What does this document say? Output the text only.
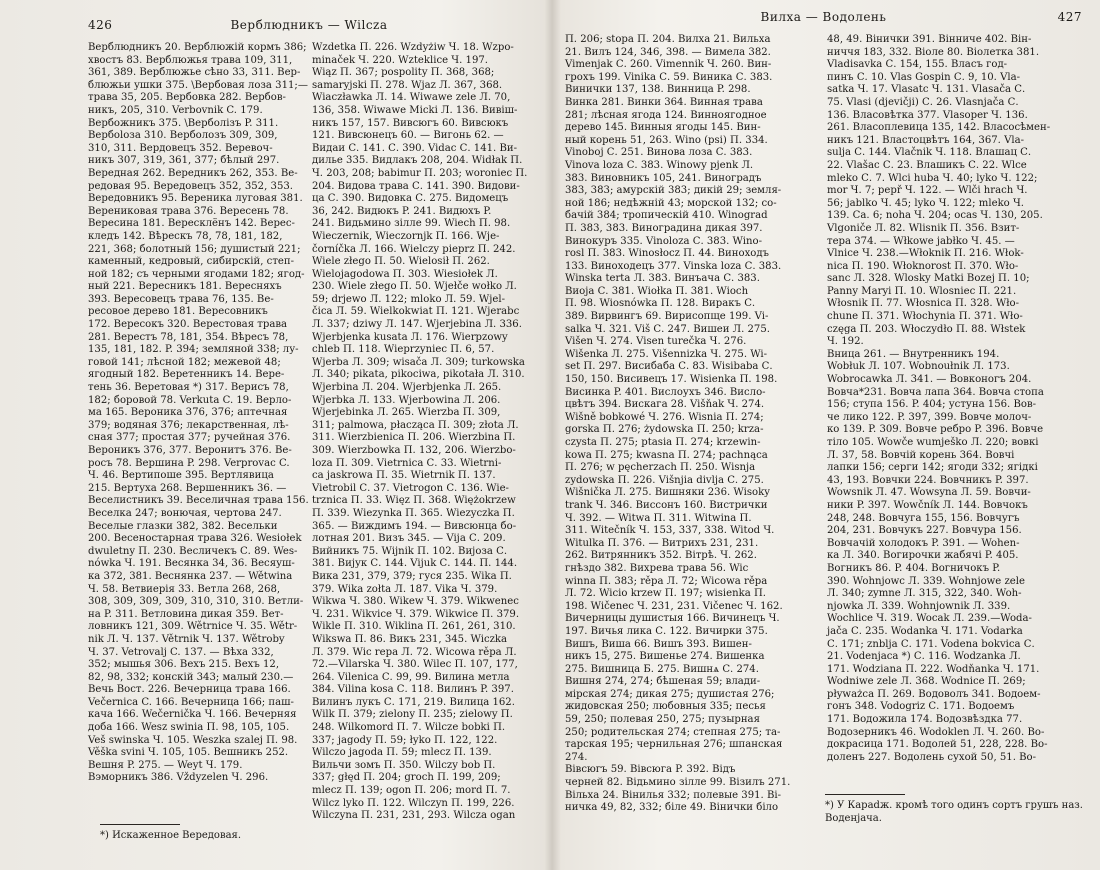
426	Верблюдникъ — Wilcza
Верблюдникъ 20. Верблюжій кормъ 386;
хвостъ 83. Верблюжья трава 109, 311,
361, 389. Верблюжье сѣно 33, 311. Вер-
блюжьи ушки 375. \Вербовая лоза 311;—
трава 35, 205. Вербовка 282. Вербов-
никъ, 205, 310. Verbovnik C. 179.
Вербожникъ 375. \Верболізъ P. 311.
Вербolоза 310. Верболозъ 309, 309,
310, 311. Вердовецъ 352. Веревоч-
никъ 307, 319, 361, 377; бѣлый 297.
Вередная 262. Вередникъ 262, 353. Ве-
редовая 95. Вередовецъ 352, 352, 353.
Вередовникъ 95. Вереника луговая 381.
Верениковая трава 376. Вересень 78.
Вересина 181. Вересклёнъ 142. Верес-
кледъ 142. Вѣрескъ 78, 78, 181, 182,
221, 368; болотный 156; душистый 221;
каменный, кедровый, сибирскій, степ-
ной 182; съ черными ягодами 182; ягод-
ный 221. Вересникъ 181. Вересняхъ
393. Вересовецъ трава 76, 135. Ве-
ресовое дерево 181. Вересовникъ
172. Вересокъ 320. Верестовая трава
281. Верестъ 78, 181, 354. Вѣресъ 78,
135, 181, 182. P. 394; земляной 338; лу-
говой 141; лѣсной 182; межевой 48;
ягодный 182. Веретенникъ 14. Вере-
тень 36. Веретовая *) 317. Верисъ 78,
182; боровой 78. Verkuta C. 19. Верло-
ма 165. Вероника 376, 376; аптечная
379; водяная 376; лекарственная, лѣ-
сная 377; простая 377; ручейная 376.
Вероникъ 376, 377. Веронитъ 376. Ве-
росъ 78. Вершина P. 298. Verprovac C.
Ч. 46. Вертипоше 395. Вертлявица
215. Вертуха 268. Вершенникъ 36. —
Веселистникъ 39. Веселичная трава 156.
Веселка 247; вонючая, чертова 247.
Веселые глазки 382, 382. Весельки
200. Весеностарная трава 326. Wesiołek
dwuletny П. 230. Весличекъ С. 89. Wes-
nówka Ч. 191. Весянка 34, 36. Весяуш-
ка 372, 381. Веснянка 237. — Wětwina
Ч. 58. Ветвиерія 33. Ветла 268, 268,
308, 309, 309, 309, 310, 310, 310. Ветли-
на P. 311. Ветловина дикая 359. Вет-
ловникъ 121, 309. Wětrnice Ч. 35. Wětr-
nik Л. Ч. 137. Větrnik Ч. 137. Wětroby
Ч. 37. Vetrovalj C. 137. — Вѣха 332,
352; мышья 306. Вехъ 215. Вехъ 12,
82, 98, 332; конскій 343; малый 230.—
Вечь Вост. 226. Вечерница трава 166.
Večernica C. 166. Вечерница 166; паш-
кача 166. Wečernička Ч. 166. Вечерняя
доба 166. Wesz swinia П. 98, 105, 105.
Veš swinska Ч. 105. Weszka szalej П. 98.
Věška svini Ч. 105, 105. Вешникъ 252.
Вешня P. 275. — Weyt Ч. 179.
Вэморникъ 386. Vždyzelen Ч. 296.
Wzdetka П. 226. Wzdyżiw Ч. 18. Wzpo-
minaček Ч. 220. Wzteklice Ч. 197.
Wiąz П. 367; pospolity П. 368, 368;
samaryjski П. 278. Wjaz Л. 367, 368.
Wiaczławka Л. 14. Wiwawe zele Л. 70,
136, 358. Wiwawe Micki Л. 136. Вивіш-
никъ 157, 157. Вивсюгъ 60. Вивсюкъ
121. Вивсюнецъ 60. — Вигонь 62. —
Видаи С. 141. С. 390. Vidac С. 141. Ви-
дилье 335. Видлакъ 208, 204. Widłak П.
Ч. 203, 208; babimur П. 203; woroniec П.
204. Видова трава С. 141. 390. Видови-
ца С. 390. Видовка С. 275. Видомецъ
36, 242. Видюкъ P. 241. Видюхъ P.
241. Видьмино зілле 99. Wiech П. 98.
Wieczernik, Wieczornjk П. 166. Wje-
čorníčka Л. 166. Wielczy pieprz П. 242.
Wiele złego П. 50. Wielosił П. 262.
Wielojagodowa П. 303. Wiesiołek Л.
230. Wiele złego П. 50. Wjełče wołko Л.
59; drjewo Л. 122; mloko Л. 59. Wjel-
čica Л. 59. Wielkokwiat П. 121. Wjerabc
Л. 337; dziwy Л. 147. Wjerjebina Л. 336.
Wjerbjenka kusata Л. 176. Wierpzowy
chleb П. 118. Wieprzyniec П. 6, 57.
Wjerba Л. 309; wisača Л. 309; turkowska
Л. 340; pikata, pikociwa, pikotała Л. 310.
Wjerbina Л. 204. Wjerbjenka Л. 265.
Wjerbka Л. 133. Wjerbowina Л. 206.
Wjerjebinka Л. 265. Wierzba П. 309,
311; palmowa, płacząca П. 309; złota Л.
311. Wierzbienica П. 206. Wierzbina П.
309. Wierzbowka П. 132, 206. Wierzbo-
loza П. 309. Vietrnica С. 33. Wietrni-
ca jaskrowa П. 35. Wietrnik П. 137.
Vietrobil С. 37. Vietrogon С. 136. Wie-
trznica П. 33. Więz П. 368. Więżokrzew
П. 339. Wiezynka П. 365. Wiezyczka П.
365. — Виждимъ 194. — Вивсюнца бо-
лотная 201. Визъ 345. — Vija С. 209.
Вийникъ 75. Wijnik П. 102. Вијоза С.
381. Вијук С. 144. Vijuk С. 144. П. 144.
Вика 231, 379, 379; гуся 235. Wika П.
379. Wika zołta Л. 187. Vika Ч. 379.
Wikwa Ч. 380. Wikew Ч. 379. Wikwenec
Ч. 231. Wikvice Ч. 379. Wikwice П. 379.
Wikle П. 310. Wiklina П. 261, 261, 310.
Wikswa П. 86. Викъ 231, 345. Wiczka
Л. 379. Wic repa Л. 72. Wicowa rěpa Л.
72.—Vilarska Ч. 380. Wilec П. 107, 177,
264. Vilenica С. 99, 99. Вилина метла
384. Vilina kosa С. 118. Вилинъ P. 397.
Вилинъ лукъ С. 171, 219. Вилица 162.
Wilk П. 379; zielony П. 235; zielowy П.
248. Wilkomord П. 7. Wilcze bobki П.
337; jagody П. 59; łyko П. 122, 122.
Wilczo jagoda П. 59; mlecz П. 139.
Вильчи зомъ П. 350. Wilczy bob П.
337; głęd П. 204; groch П. 199, 209;
mlecz П. 139; ogon П. 206; mord П. 7.
Wilcz lyko П. 122. Wilczyn П. 199, 226.
Wilczyna П. 231, 231, 293. Wilcza ogan
*) Искаженное Вередовая.
Вилха — Водолень	427
П. 206; stopa П. 204. Вилха 21. Вильха
21. Вилъ 124, 346, 398. — Вимела 382.
Vimenjak С. 260. Vimennik Ч. 260. Вин-
грохъ 199. Vinika С. 59. Виника С. 383.
Винички 137, 138. Винница P. 298.
Винка 281. Винки 364. Винная трава
281; лѣсная ягода 124. Винноягодное
дерево 145. Винныя ягоды 145. Вин-
ный корень 51, 263. Wino (psi) П. 334.
Vinoboj С. 251. Винова лоза С. 383.
Vinova loza С. 383. Winowy pjenk Л.
383. Виновникъ 105, 241. Виноградъ
383, 383; амурскій 383; дикій 29; земля-
ной 186; недѣжній 43; морской 132; со-
бачій 384; тропическій 410. Winograd
П. 383, 383. Виноградина дикая 397.
Винокуръ 335. Vinoloza С. 383. Wino-
rosl П. 383. Winosłocz П. 44. Виноходъ
133. Виноходецъ 377. Vinska loza С. 383.
Winska terta Л. 383. Винъача С. 383.
Виоjа С. 381. Wiołka П. 381. Wioch
П. 98. Wiosnówka П. 128. Виракъ С.
389. Вирвингъ 69. Вирисопще 199. Vi-
salka Ч. 321. Viš С. 247. Вишеи Л. 275.
Višen Ч. 274. Visen turečka Ч. 276.
Wišenka Л. 275. Višennizka Ч. 275. Wi-
set П. 297. Висибаба С. 83. Wisibaba С.
150, 150. Висивецъ 17. Wisienka П. 198.
Висинка P. 401. Вислоухъ 346. Висло-
цвѣтъ 394. Вискага 28. Višňak Ч. 274.
Wišně bobkowé Ч. 276. Wisnia П. 274;
gorska П. 276; żydowska П. 250; krza-
czysta П. 275; ptasia П. 274; krzewin-
kowa П. 275; kwasna П. 274; pachnąca
П. 276; w pęcherzach П. 250. Wisnja
zydowska П. 226. Višnjia divlja С. 275.
Wišničkа Л. 275. Вишняки 236. Wisoky
trank Ч. 346. Виссонъ 160. Вистрички
Ч. 392. — Witwa П. 311. Witwina П.
311. Witečník Ч. 153, 337, 338. Witod Ч.
Witulka П. 376. — Витрихъ 231, 231.
262. Витрянникъ 352. Вітрѣ. Ч. 262.
гнѣздо 382. Вихрева трава 56. Wic
winna П. 383; rěpa Л. 72; Wicowa rěpa
Л. 72. Wicio krzew П. 197; wisienka П.
198. Wičenec Ч. 231, 231. Vičenec Ч. 162.
Вичерницы душистыя 166. Вичинецъ Ч.
197. Вичья лика С. 122. Вичирки 375.
Вишъ, Виша 66. Вишъ 393. Вишен-
никъ 15, 275. Вишенье 274. Вишенка
275. Вишница Б. 275. Вишнѧ С. 274.
Вишня 274, 274; бѣшеная 59; влади-
мірская 274; дикая 275; душистая 276;
жидовская 250; любовныя 335; песья
59, 250; полевая 250, 275; пузырная
250; родительская 274; степная 275; та-
тарская 195; чернильная 276; шпанская
274.
Вівсюгъ 59. Вівсюга P. 392. Вiдъ
черней 82. Відьмино зілле 99. Візилъ 271.
Вільха 24. Вінилья 332; полевые 391. Ві-
ничка 49, 82, 332; біле 49. Вінички біло
48, 49. Вінички 391. Вінниче 402. Він-
ниччя 183, 332. Віоле 80. Віолетка 381.
Vladisavka С. 154, 155. Власъ год-
пинъ С. 10. Vlas Gospin С. 9, 10. Vla-
satka Ч. 17. Vlasatc Ч. 131. Vlasača С.
75. Vlasi (djevičji) С. 26. Vlasnjača С.
136. Власовѣтка 377. Vlasoper Ч. 136.
261. Власоплевица 135, 142. Власосѣмен-
никъ 121. Властоцвѣтъ 164, 367. Vla-
sulja С. 144. Vlačnik Ч. 118. Влашац С.
22. Vlašac С. 23. Влашикъ С. 22. Wlce
mleko С. 7. Wlci huba Ч. 40; lyko Ч. 122;
mor Ч. 7; pepř Ч. 122. — Wlči hrach Ч.
56; jablko Ч. 45; lyko Ч. 122; mleko Ч.
139. Ca. 6; noha Ч. 204; ocas Ч. 130, 205.
Vlgoniče Л. 82. Wlisnik П. 356. Взит-
тера 374. — Włkowe jabłko Ч. 45. —
Vlnice Ч. 238.—Włoknik П. 216. Włok-
nica П. 190. Włoknorost П. 370. Wło-
sanc Л. 328. Wlosky Matki Bozej П. 10;
Panny Maryi П. 10. Wlosniec П. 221.
Włosnik П. 77. Włosnica П. 328. Wło-
chune П. 371. Włochynia П. 371. Wło-
częga П. 203. Włoczydło П. 88. Włstek
Ч. 192.
Вница 261. — Внутренникъ 194.
Wobłuk Л. 107. Wobnoułnik Л. 173.
Wobrocawka Л. 341. — Вовконогъ 204.
Вовча*231. Вовча лапа 364. Вовча стопа
156; ступа 156. P. 404; устуна 156. Вов-
че лико 122. P. 397, 399. Вовче молоч-
ко 139. P. 309. Вовче ребро P. 396. Вовче
тіло 105. Wowče wumješko Л. 220; вовкі
Л. 37, 58. Вовчій корень 364. Вовчі
лапки 156; серги 142; ягоди 332; ягідкі
43, 193. Вовчки 224. Вовчникъ P. 397.
Wowsnik Л. 47. Wowsyna Л. 59. Вовчи-
ники P. 397. Wowčník Л. 144. Вовчокъ
248, 248. Вовчуга 155, 156. Вовчугъ
204, 231. Вовчукъ 227. Вовчура 156.
Вовчачій холодокъ P. 391. — Wohen-
ка Л. 340. Вогирочки жабячі P. 405.
Вогникъ 86. P. 404. Вогничокъ P.
390. Wohnjowc Л. 339. Wohnjowe zele
Л. 340; zymne Л. 315, 322, 340. Woh-
njowka Л. 339. Wohnjownik Л. 339.
Wochlice Ч. 319. Wocak Л. 239.—Woda-
jača С. 235. Wodanka Ч. 171. Vodarka
С. 171; znblja С. 171. Vodena bokvica С.
21. Vodenjaca *) С. 116. Wodzanka Л.
171. Wodziana П. 222. Wodňanka Ч. 171.
Wodniwe zele Л. 368. Wodnice П. 269;
pływażca П. 269. Водоволъ 341. Водоем-
гонъ 348. Vodogriz С. 171. Водоемъ
171. Водожила 174. Водозвѣздка 77.
Водозерникъ 46. Wodoklen Л. Ч. 260. Во-
докрасица 171. Водолей 51, 228, 228. Во-
доленъ 227. Водолень сухой 50, 51. Во-
*) У Караdж. кромѣ того одинъ сортъ грушъ наз. Воденjача.
